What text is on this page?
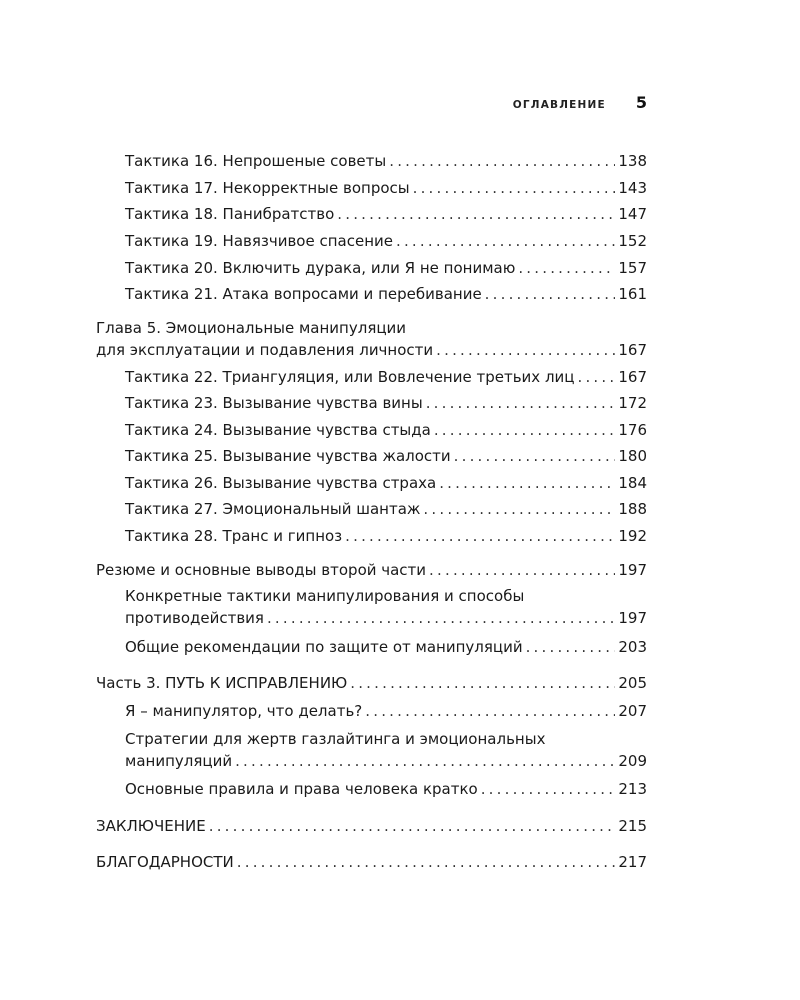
ОГЛАВЛЕНИЕ 5
Тактика 16. Непрошеные советы .....	138
Тактика 17. Некорректные вопросы .....	143
Тактика 18. Панибратство .....	147
Тактика 19. Навязчивое спасение .....	152
Тактика 20. Включить дурака, или Я не понимаю .....	157
Тактика 21. Атака вопросами и перебивание .....	161
Глава 5. Эмоциональные манипуляции
для эксплуатации и подавления личности .....	167
Тактика 22. Триангуляция, или Вовлечение третьих лиц .....	167
Тактика 23. Вызывание чувства вины .....	172
Тактика 24. Вызывание чувства стыда .....	176
Тактика 25. Вызывание чувства жалости .....	180
Тактика 26. Вызывание чувства страха .....	184
Тактика 27. Эмоциональный шантаж .....	188
Тактика 28. Транс и гипноз .....	192
Резюме и основные выводы второй части .....	197
Конкретные тактики манипулирования и способы
противодействия .....	197
Общие рекомендации по защите от манипуляций .....	203
Часть 3. ПУТЬ К ИСПРАВЛЕНИЮ .....	205
Я – манипулятор, что делать? .....	207
Стратегии для жертв газлайтинга и эмоциональных
манипуляций .....	209
Основные правила и права человека кратко .....	213
ЗАКЛЮЧЕНИЕ .....	215
БЛАГОДАРНОСТИ .....	217
